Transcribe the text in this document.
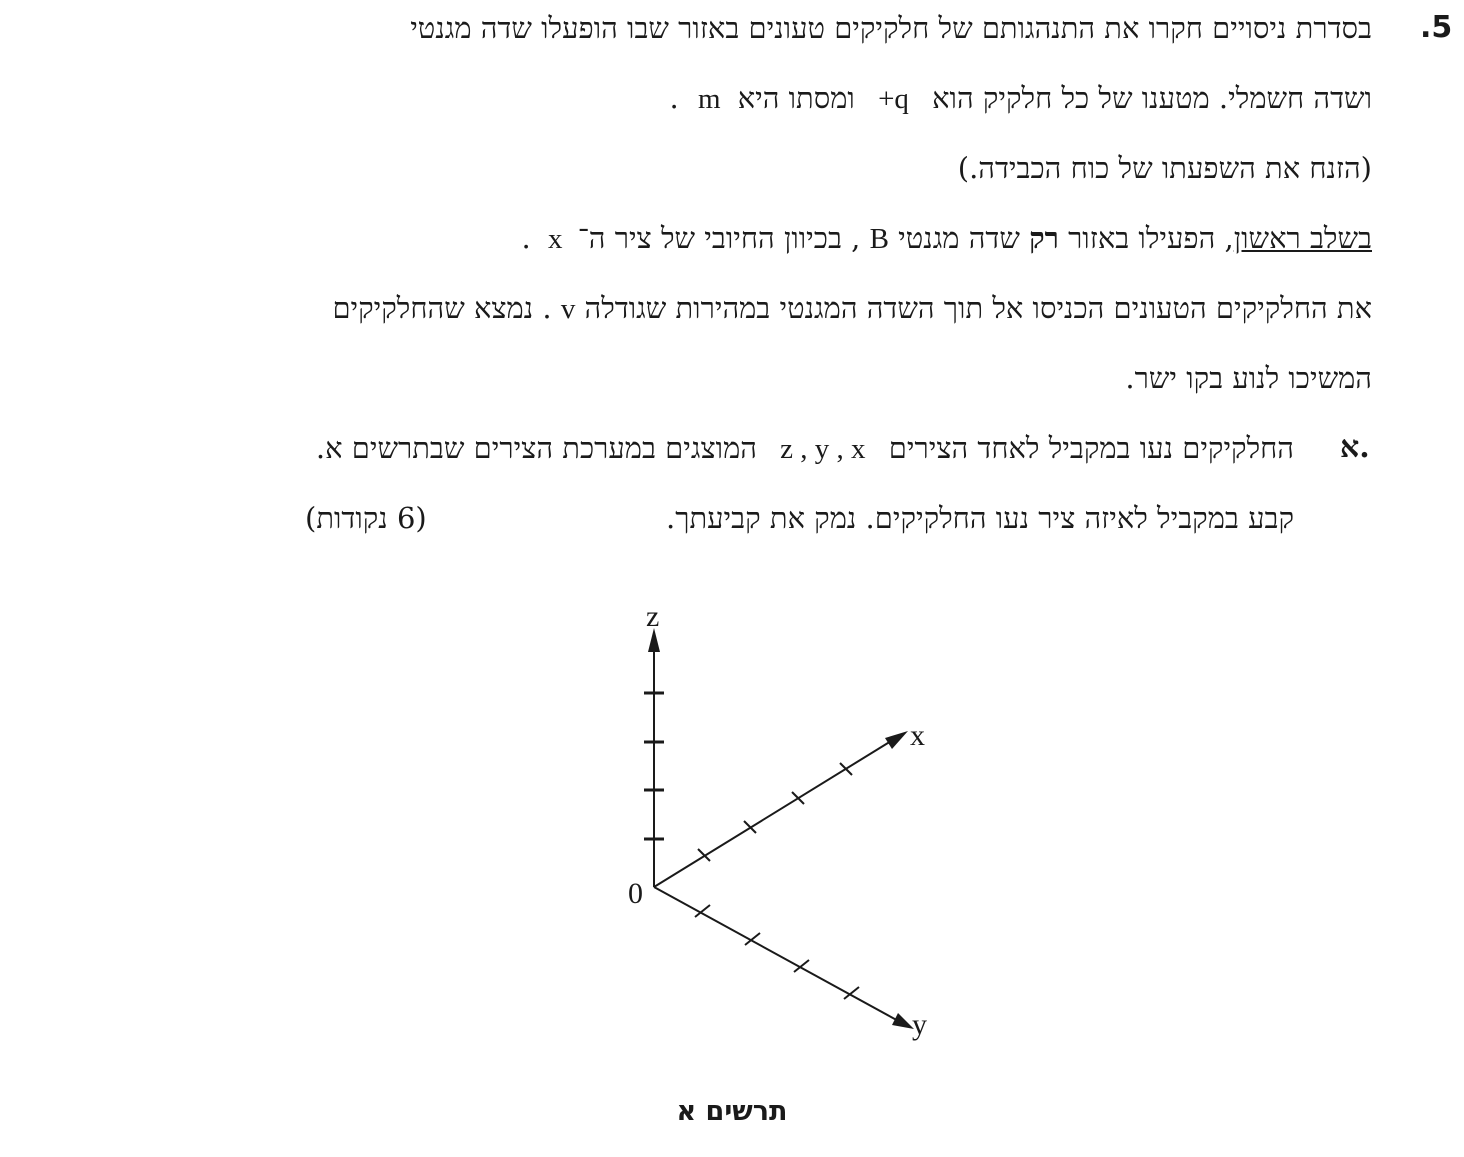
.5
בסדרת ניסויים חקרו את התנהגותם של חלקיקים טעונים באזור שבו הופעלו שדה מגנטי
ושדה חשמלי. מטענו של כל חלקיק הוא +q ומסתו היא m .
(הזנח את השפעתו של כוח הכבידה.)
בשלב ראשון, הפעילו באזור רק שדה מגנטי B , בכיוון החיובי של ציר ה־ x .
את החלקיקים הטעונים הכניסו אל תוך השדה המגנטי במהירות שגודלה v . נמצא שהחלקיקים
המשיכו לנוע בקו ישר.
א.
החלקיקים נעו במקביל לאחד הצירים z , y , x המוצגים במערכת הצירים שבתרשים א.
קבע במקביל לאיזה ציר נעו החלקיקים. נמק את קביעתך.
(6 נקודות)
z
x
y
0
תרשים א
